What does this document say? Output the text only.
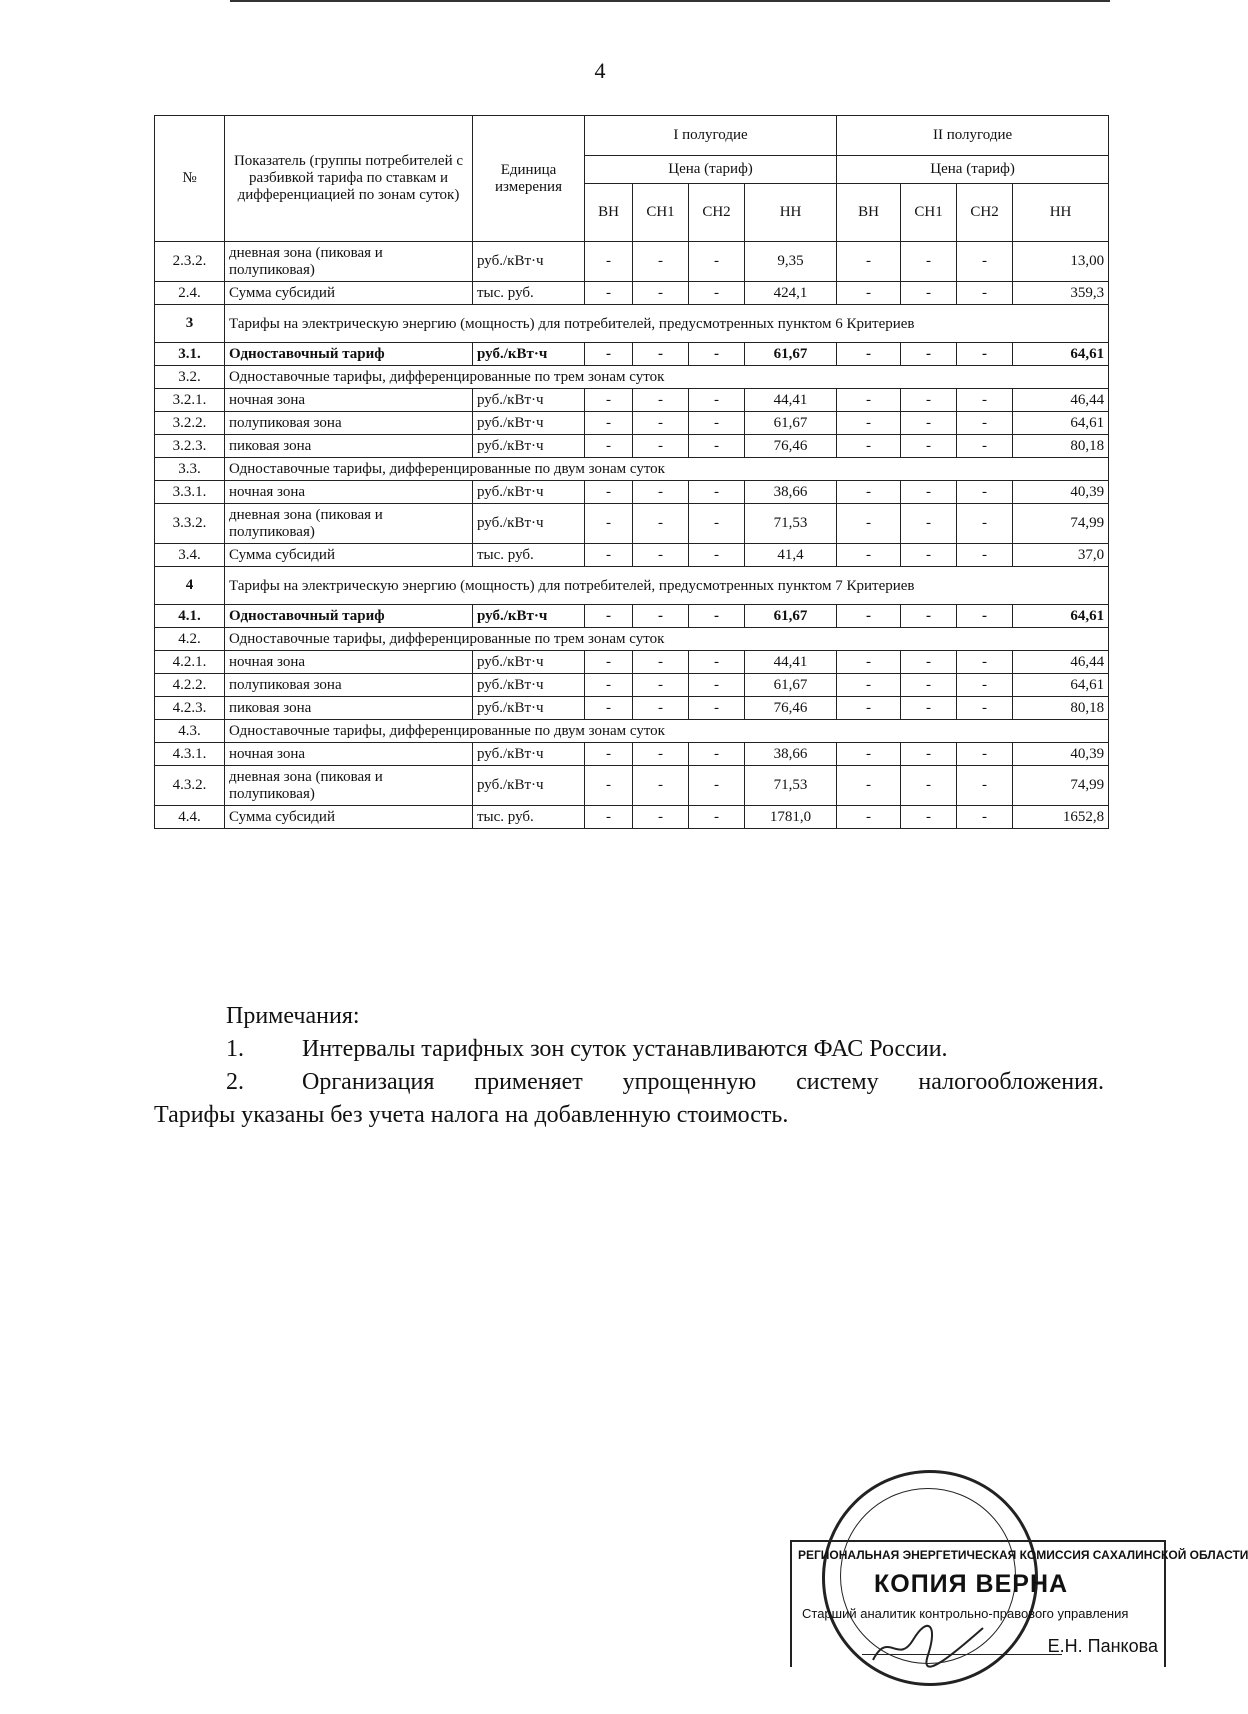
4
№	Показатель (группы потребителей с разбивкой тарифа по ставкам и дифференциацией по зонам суток)	Единица измерения	I полугодие				II полугодие			
			Цена (тариф)				Цена (тариф)			
			ВН	СН1	СН2	НН	ВН	СН1	СН2	НН
2.3.2.	дневная зона (пиковая и полупиковая)	руб./кВт·ч	-	-	-	9,35	-	-	-	13,00
2.4.	Сумма субсидий	тыс. руб.	-	-	-	424,1	-	-	-	359,3
3	Тарифы на электрическую энергию (мощность) для потребителей, предусмотренных пунктом 6 Критериев									
3.1.	Одноставочный тариф	руб./кВт·ч	-	-	-	61,67	-	-	-	64,61
3.2.	Одноставочные тарифы, дифференцированные по трем зонам суток									
3.2.1.	ночная зона	руб./кВт·ч	-	-	-	44,41	-	-	-	46,44
3.2.2.	полупиковая зона	руб./кВт·ч	-	-	-	61,67	-	-	-	64,61
3.2.3.	пиковая зона	руб./кВт·ч	-	-	-	76,46	-	-	-	80,18
3.3.	Одноставочные тарифы, дифференцированные по двум зонам суток									
3.3.1.	ночная зона	руб./кВт·ч	-	-	-	38,66	-	-	-	40,39
3.3.2.	дневная зона (пиковая и полупиковая)	руб./кВт·ч	-	-	-	71,53	-	-	-	74,99
3.4.	Сумма субсидий	тыс. руб.	-	-	-	41,4	-	-	-	37,0
4	Тарифы на электрическую энергию (мощность) для потребителей, предусмотренных пунктом 7 Критериев									
4.1.	Одноставочный тариф	руб./кВт·ч	-	-	-	61,67	-	-	-	64,61
4.2.	Одноставочные тарифы, дифференцированные по трем зонам суток									
4.2.1.	ночная зона	руб./кВт·ч	-	-	-	44,41	-	-	-	46,44
4.2.2.	полупиковая зона	руб./кВт·ч	-	-	-	61,67	-	-	-	64,61
4.2.3.	пиковая зона	руб./кВт·ч	-	-	-	76,46	-	-	-	80,18
4.3.	Одноставочные тарифы, дифференцированные по двум зонам суток									
4.3.1.	ночная зона	руб./кВт·ч	-	-	-	38,66	-	-	-	40,39
4.3.2.	дневная зона (пиковая и полупиковая)	руб./кВт·ч	-	-	-	71,53	-	-	-	74,99
4.4.	Сумма субсидий	тыс. руб.	-	-	-	1781,0	-	-	-	1652,8
Примечания:
1. Интервалы тарифных зон суток устанавливаются ФАС России.
2. Организация применяет упрощенную систему налогообложения.
Тарифы указаны без учета налога на добавленную стоимость.
РЕГИОНАЛЬНАЯ ЭНЕРГЕТИЧЕСКАЯ КОМИССИЯ САХАЛИНСКОЙ ОБЛАСТИ
КОПИЯ ВЕРНА
Старший аналитик контрольно-правового управления
Е.Н. Панкова
